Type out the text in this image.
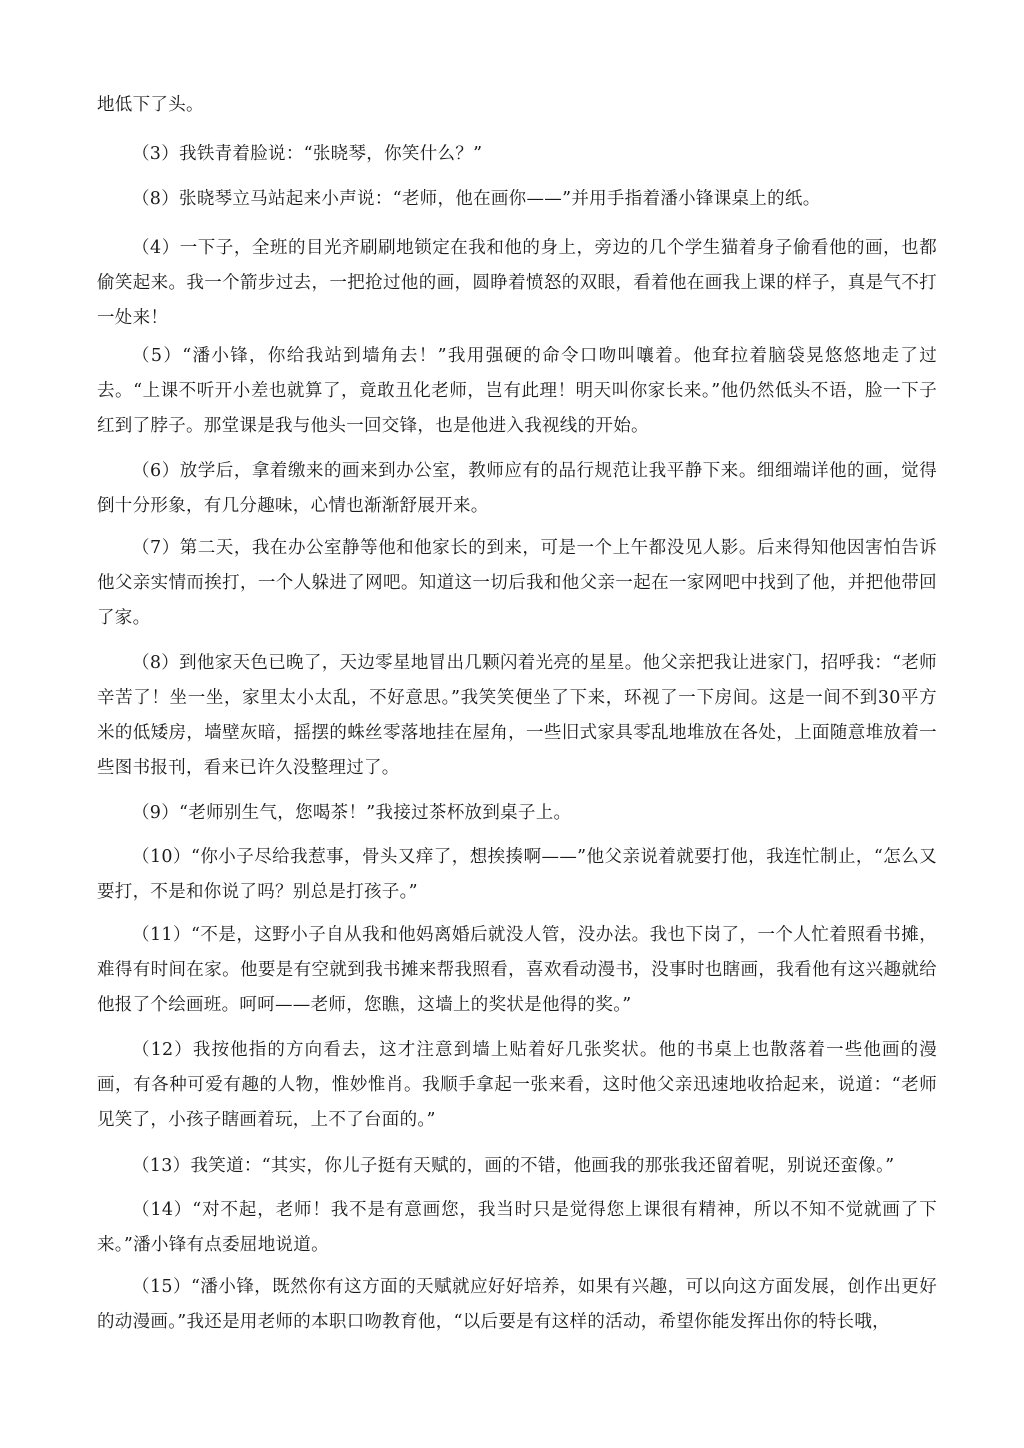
地低下了头。

（3）我铁青着脸说：“张晓琴，你笑什么？”

（8）张晓琴立马站起来小声说：“老师，他在画你——”并用手指着潘小锋课桌上的纸。

（4）一下子，全班的目光齐刷刷地锁定在我和他的身上，旁边的几个学生猫着身子偷看他的画，也都偷笑起来。我一个箭步过去，一把抢过他的画，圆睁着愤怒的双眼，看着他在画我上课的样子，真是气不打一处来！

（5）“潘小锋，你给我站到墙角去！”我用强硬的命令口吻叫嚷着。他耷拉着脑袋晃悠悠地走了过去。“上课不听开小差也就算了，竟敢丑化老师，岂有此理！明天叫你家长来。”他仍然低头不语，脸一下子红到了脖子。那堂课是我与他头一回交锋，也是他进入我视线的开始。

（6）放学后，拿着缴来的画来到办公室，教师应有的品行规范让我平静下来。细细端详他的画，觉得倒十分形象，有几分趣味，心情也渐渐舒展开来。

（7）第二天，我在办公室静等他和他家长的到来，可是一个上午都没见人影。后来得知他因害怕告诉他父亲实情而挨打，一个人躲进了网吧。知道这一切后我和他父亲一起在一家网吧中找到了他，并把他带回了家。

（8）到他家天色已晚了，天边零星地冒出几颗闪着光亮的星星。他父亲把我让进家门，招呼我：“老师辛苦了！坐一坐，家里太小太乱，不好意思。”我笑笑便坐了下来，环视了一下房间。这是一间不到30平方米的低矮房，墙壁灰暗，摇摆的蛛丝零落地挂在屋角，一些旧式家具零乱地堆放在各处，上面随意堆放着一些图书报刊，看来已许久没整理过了。

（9）“老师别生气，您喝茶！”我接过茶杯放到桌子上。

（10）“你小子尽给我惹事，骨头又痒了，想挨揍啊——”他父亲说着就要打他，我连忙制止，“怎么又要打，不是和你说了吗？别总是打孩子。”

（11）“不是，这野小子自从我和他妈离婚后就没人管，没办法。我也下岗了，一个人忙着照看书摊，难得有时间在家。他要是有空就到我书摊来帮我照看，喜欢看动漫书，没事时也瞎画，我看他有这兴趣就给他报了个绘画班。呵呵——老师，您瞧，这墙上的奖状是他得的奖。”

（12）我按他指的方向看去，这才注意到墙上贴着好几张奖状。他的书桌上也散落着一些他画的漫画，有各种可爱有趣的人物，惟妙惟肖。我顺手拿起一张来看，这时他父亲迅速地收拾起来，说道：“老师见笑了，小孩子瞎画着玩，上不了台面的。”

（13）我笑道：“其实，你儿子挺有天赋的，画的不错，他画我的那张我还留着呢，别说还蛮像。”

（14）“对不起，老师！我不是有意画您，我当时只是觉得您上课很有精神，所以不知不觉就画了下来。”潘小锋有点委屈地说道。

（15）“潘小锋，既然你有这方面的天赋就应好好培养，如果有兴趣，可以向这方面发展，创作出更好的动漫画。”我还是用老师的本职口吻教育他，“以后要是有这样的活动，希望你能发挥出你的特长哦，
